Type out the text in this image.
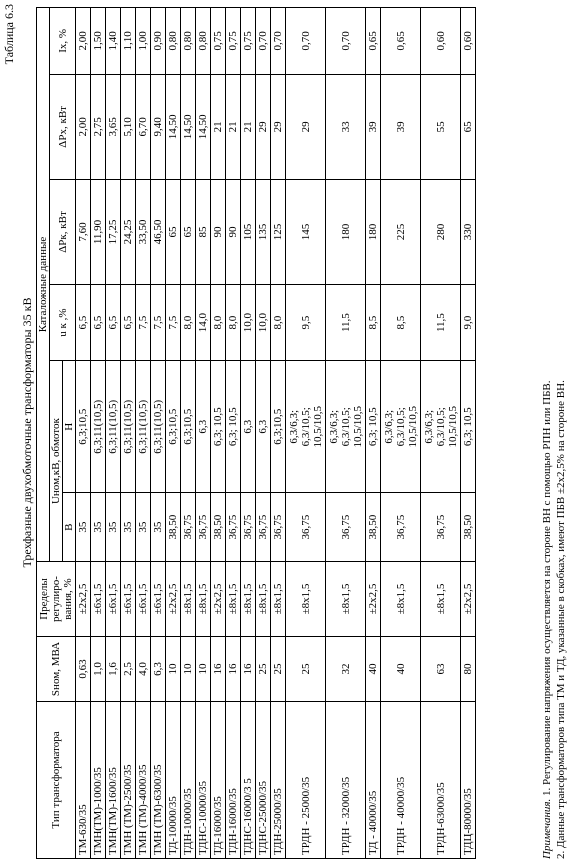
Таблица 6.3
Трехфазные двухобмоточные трансформаторы 35 кВ
Тип трансформатора	Sном, МВА	Пределы регулиро-вания, %	Каталожные данные					
			Uном,кВ, обмоток		u к ,%	ΔPк, кВт	ΔPх, кВт	Iх, %
			В	Н				
ТМ-630/35	0,63	±2х2,5	35	6,3;10,5	6,5	7,60	2,00	2,00
ТМН(ТМ)-1000/35	1,0	±6х1,5	35	6,3;11(10,5)	6,5	11,90	2,75	1,50
ТМН(ТМ)-1600/35	1,6	±6х1,5	35	6,3;11(10,5)	6,5	17,25	3,65	1,40
ТМН (ТМ)-2500/35	2,5	±6х1,5	35	6,3;11(10,5)	6,5	24,25	5,10	1,10
ТМН (ТМ)-4000/35	4,0	±6х1,5	35	6,3;11(10,5)	7,5	33,50	6,70	1,00
ТМН (ТМ)-6300/35	6,3	±6х1,5	35	6,3;11(10,5)	7,5	46,50	9,40	0,90
ТД-10000/35	10	±2х2,5	38,50	6,3;10,5	7,5	65	14,50	0,80
ТДН-10000/35	10	±8х1,5	36,75	6,3;10,5	8,0	65	14,50	0,80
ТДНС-10000/35	10	±8х1,5	36,75	6,3	14,0	85	14,50	0,80
ТД-16000/35	16	±2х2,5	38,50	6,3; 10,5	8,0	90	21	0,75
ТДН-16000/35	16	±8х1,5	36,75	6,3; 10,5	8,0	90	21	0,75
ТДНС-16000/3 5	16	±8х1,5	36,75	6,3	10,0	105	21	0,75
ТДНС-25000/35	25	±8х1,5	36,75	6,3	10,0	135	29	0,70
ТДН-25000/35	25	±8х1,5	36,75	6,3;10,5	8,0	125	29	0,70
ТРДН - 25000/35	25	±8х1,5	36,75	6,3/6,3;
6,3/10,5;
10,5/10,5	9,5	145	29	0,70
ТРДН - 32000/35	32	±8х1,5	36,75	6,3/6,3;
6,3/10,5;
10,5/10,5	11,5	180	33	0,70
ТД - 40000/35	40	±2х2,5	38,50	6,3; 10,5	8,5	180	39	0,65
ТРДН - 40000/35	40	±8х1,5	36,75	6,3/6,3;
6,3/10,5;
10,5/10,5	8,5	225	39	0,65
ТРДН-63000/35	63	±8х1,5	36,75	6,3/6,3;
6,3/10,5;
10,5/10,5	11,5	280	55	0,60
ТДЦ-80000/35	80	±2х2,5	38,50	6,3; 10,5	9,0	330	65	0,60
Примечания. 1. Регулирование напряжения осуществляется на стороне ВН с помощью РПН или ПБВ. 2. Данные трансформаторов типа ТМ и ТД, указанные в скобках, имеют ПБВ ±2х2,5% на стороне ВН.
